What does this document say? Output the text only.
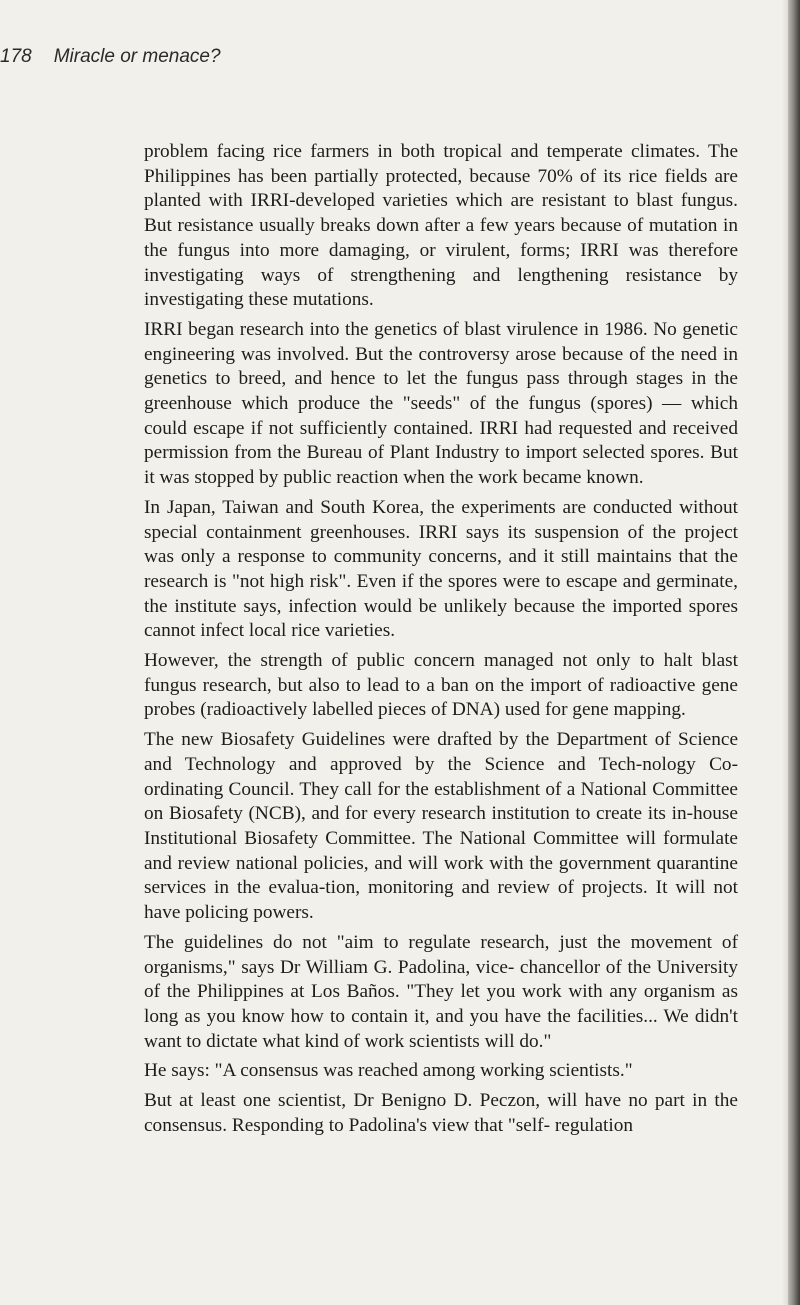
178 Miracle or menace?

problem facing rice farmers in both tropical and temperate climates. The Philippines has been partially protected, because 70% of its rice fields are planted with IRRI-developed varieties which are resistant to blast fungus. But resistance usually breaks down after a few years because of mutation in the fungus into more damaging, or virulent, forms; IRRI was therefore investigating ways of strengthening and lengthening resistance by investigating these mutations.

IRRI began research into the genetics of blast virulence in 1986. No genetic engineering was involved. But the controversy arose because of the need in genetics to breed, and hence to let the fungus pass through stages in the greenhouse which produce the "seeds" of the fungus (spores) — which could escape if not sufficiently contained. IRRI had requested and received permission from the Bureau of Plant Industry to import selected spores. But it was stopped by public reaction when the work became known.

In Japan, Taiwan and South Korea, the experiments are conducted without special containment greenhouses. IRRI says its suspension of the project was only a response to community concerns, and it still maintains that the research is "not high risk". Even if the spores were to escape and germinate, the institute says, infection would be unlikely because the imported spores cannot infect local rice varieties.

However, the strength of public concern managed not only to halt blast fungus research, but also to lead to a ban on the import of radioactive gene probes (radioactively labelled pieces of DNA) used for gene mapping.

The new Biosafety Guidelines were drafted by the Department of Science and Technology and approved by the Science and Tech-nology Co-ordinating Council. They call for the establishment of a National Committee on Biosafety (NCB), and for every research institution to create its in-house Institutional Biosafety Committee. The National Committee will formulate and review national policies, and will work with the government quarantine services in the evalua-tion, monitoring and review of projects. It will not have policing powers.

The guidelines do not "aim to regulate research, just the movement of organisms," says Dr William G. Padolina, vice- chancellor of the University of the Philippines at Los Baños. "They let you work with any organism as long as you know how to contain it, and you have the facilities... We didn't want to dictate what kind of work scientists will do."

He says: "A consensus was reached among working scientists."

But at least one scientist, Dr Benigno D. Peczon, will have no part in the consensus. Responding to Padolina's view that "self- regulation
